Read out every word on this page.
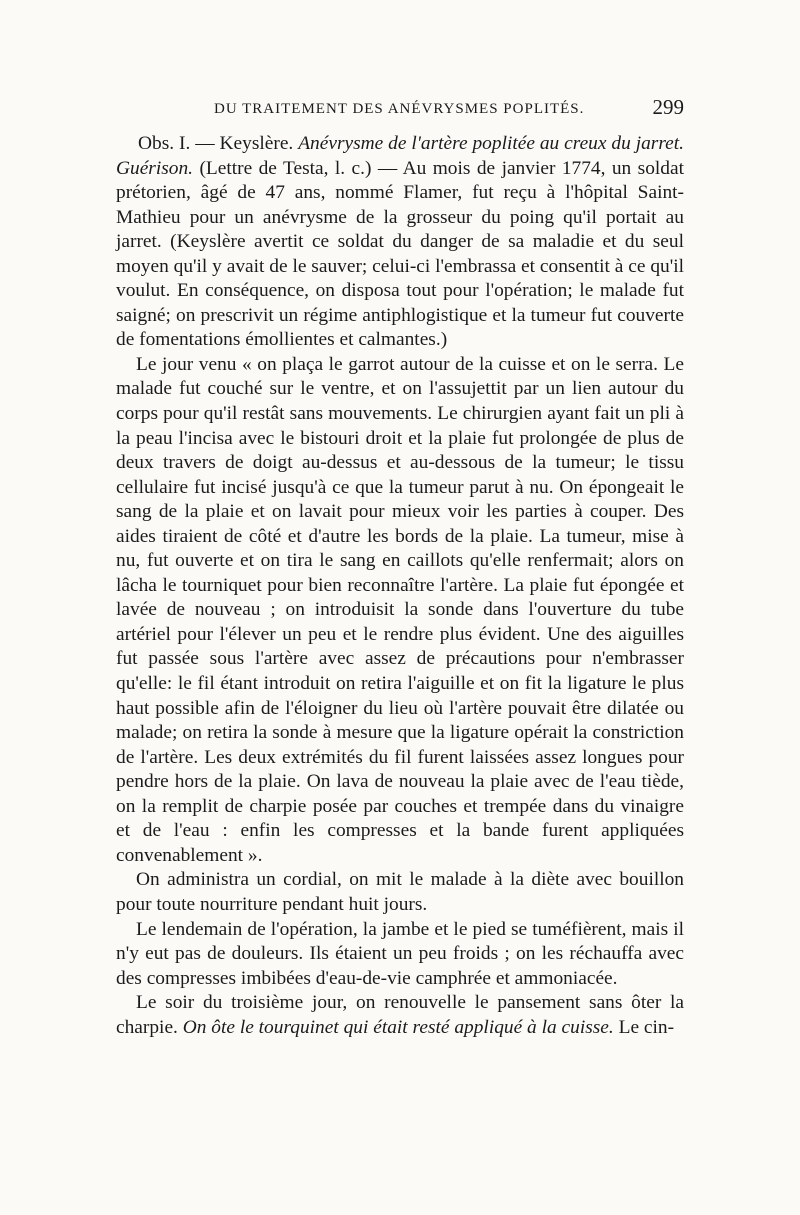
DU TRAITEMENT DES ANÉVRYSMES POPLITÉS.	299

Obs. I. — Keyslère. Anévrysme de l'artère poplitée au creux du jarret. Guérison. (Lettre de Testa, l. c.) — Au mois de janvier 1774, un soldat prétorien, âgé de 47 ans, nommé Flamer, fut reçu à l'hôpital Saint-Mathieu pour un anévrysme de la grosseur du poing qu'il portait au jarret. (Keyslère avertit ce soldat du danger de sa maladie et du seul moyen qu'il y avait de le sauver; celui-ci l'embrassa et consentit à ce qu'il voulut. En conséquence, on disposa tout pour l'opération; le malade fut saigné; on prescrivit un régime antiphlogistique et la tumeur fut couverte de fomentations émollientes et calmantes.)

Le jour venu « on plaça le garrot autour de la cuisse et on le serra. Le malade fut couché sur le ventre, et on l'assujettit par un lien autour du corps pour qu'il restât sans mouvements. Le chirurgien ayant fait un pli à la peau l'incisa avec le bistouri droit et la plaie fut prolongée de plus de deux travers de doigt au-dessus et au-dessous de la tumeur; le tissu cellulaire fut incisé jusqu'à ce que la tumeur parut à nu. On épongeait le sang de la plaie et on lavait pour mieux voir les parties à couper. Des aides tiraient de côté et d'autre les bords de la plaie. La tumeur, mise à nu, fut ouverte et on tira le sang en caillots qu'elle renfermait; alors on lâcha le tourniquet pour bien reconnaître l'artère. La plaie fut épongée et lavée de nouveau ; on introduisit la sonde dans l'ouverture du tube artériel pour l'élever un peu et le rendre plus évident. Une des aiguilles fut passée sous l'artère avec assez de précautions pour n'embrasser qu'elle: le fil étant introduit on retira l'aiguille et on fit la ligature le plus haut possible afin de l'éloigner du lieu où l'artère pouvait être dilatée ou malade; on retira la sonde à mesure que la ligature opérait la constriction de l'artère. Les deux extrémités du fil furent laissées assez longues pour pendre hors de la plaie. On lava de nouveau la plaie avec de l'eau tiède, on la remplit de charpie posée par couches et trempée dans du vinaigre et de l'eau : enfin les compresses et la bande furent appliquées convenablement ».

On administra un cordial, on mit le malade à la diète avec bouillon pour toute nourriture pendant huit jours.

Le lendemain de l'opération, la jambe et le pied se tuméfièrent, mais il n'y eut pas de douleurs. Ils étaient un peu froids ; on les réchauffa avec des compresses imbibées d'eau-de-vie camphrée et ammoniacée.

Le soir du troisième jour, on renouvelle le pansement sans ôter la charpie. On ôte le tourquinet qui était resté appliqué à la cuisse. Le cin-
